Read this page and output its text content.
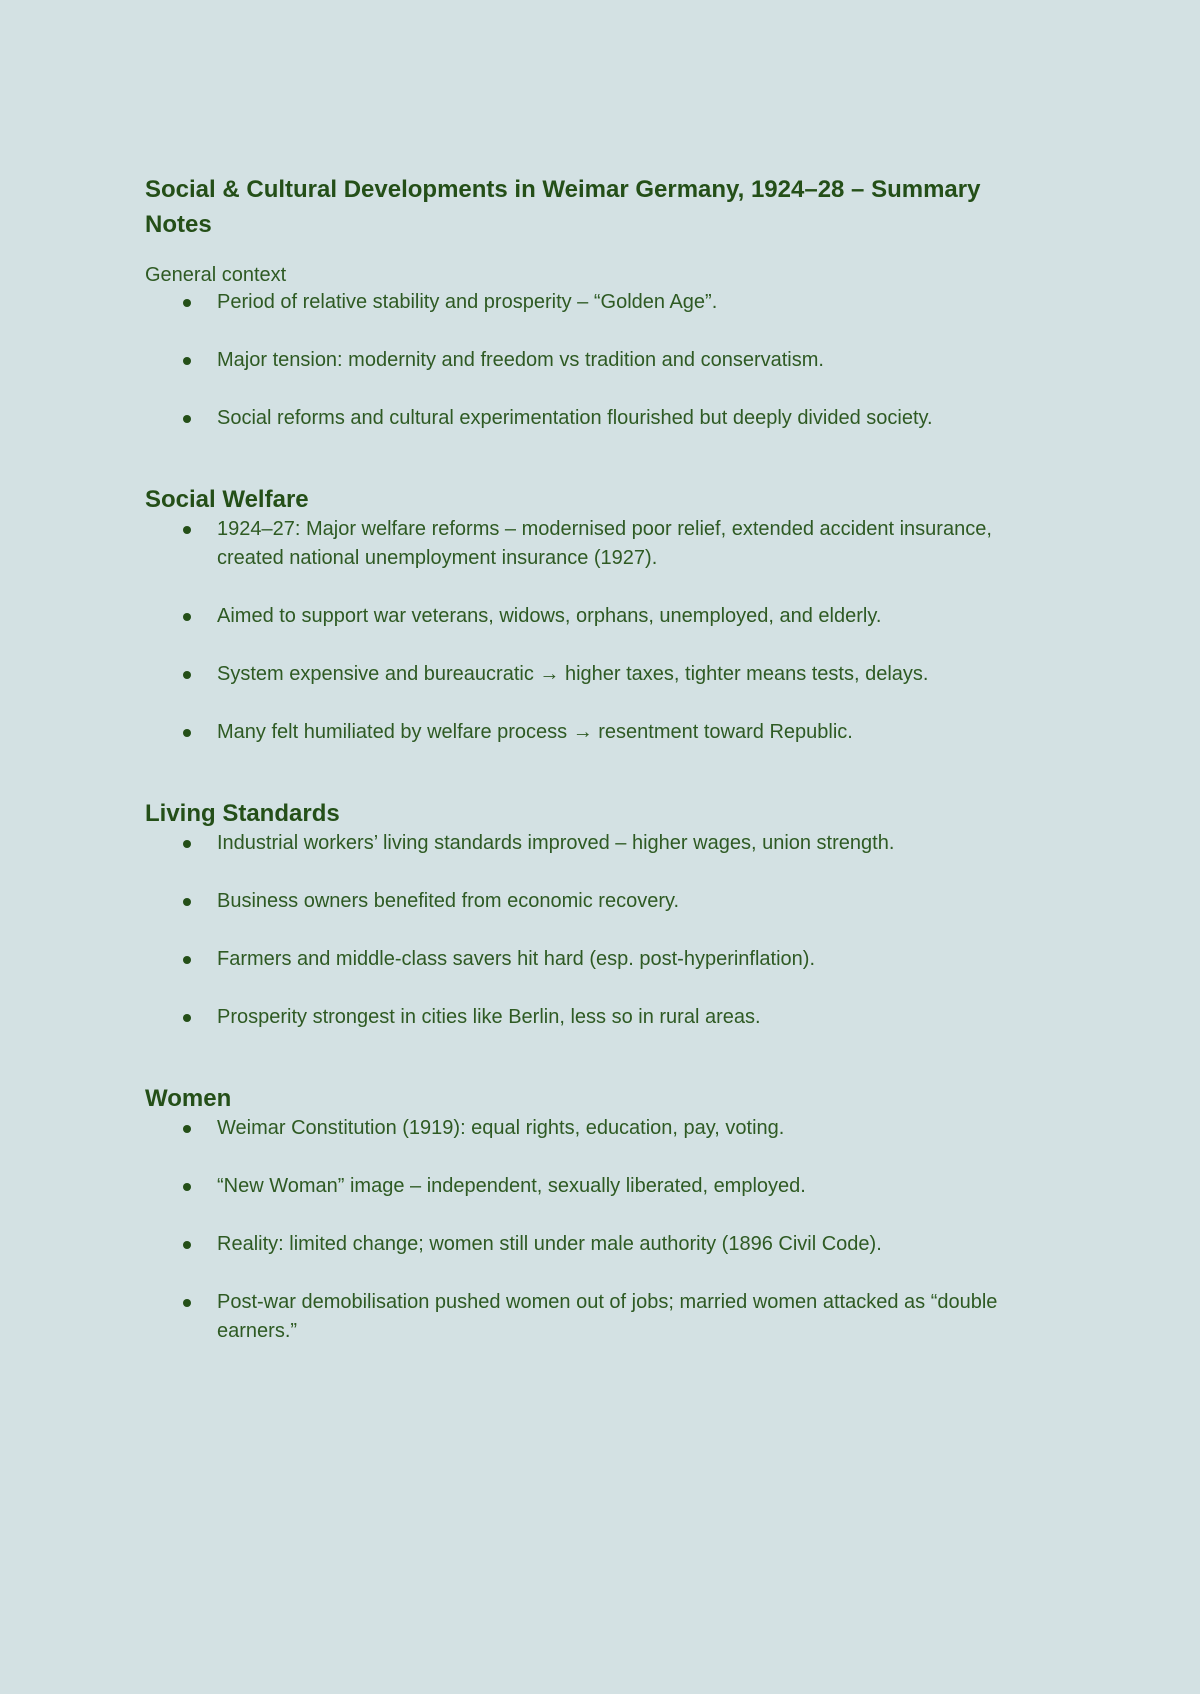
Social & Cultural Developments in Weimar Germany, 1924–28 – Summary Notes

General context

Period of relative stability and prosperity – “Golden Age”.
Major tension: modernity and freedom vs tradition and conservatism.
Social reforms and cultural experimentation flourished but deeply divided society.
Social Welfare
1924–27: Major welfare reforms – modernised poor relief, extended accident insurance, created national unemployment insurance (1927).
Aimed to support war veterans, widows, orphans, unemployed, and elderly.
System expensive and bureaucratic → higher taxes, tighter means tests, delays.
Many felt humiliated by welfare process → resentment toward Republic.
Living Standards
Industrial workers’ living standards improved – higher wages, union strength.
Business owners benefited from economic recovery.
Farmers and middle-class savers hit hard (esp. post-hyperinflation).
Prosperity strongest in cities like Berlin, less so in rural areas.
Women
Weimar Constitution (1919): equal rights, education, pay, voting.
“New Woman” image – independent, sexually liberated, employed.
Reality: limited change; women still under male authority (1896 Civil Code).
Post-war demobilisation pushed women out of jobs; married women attacked as “double earners.”
